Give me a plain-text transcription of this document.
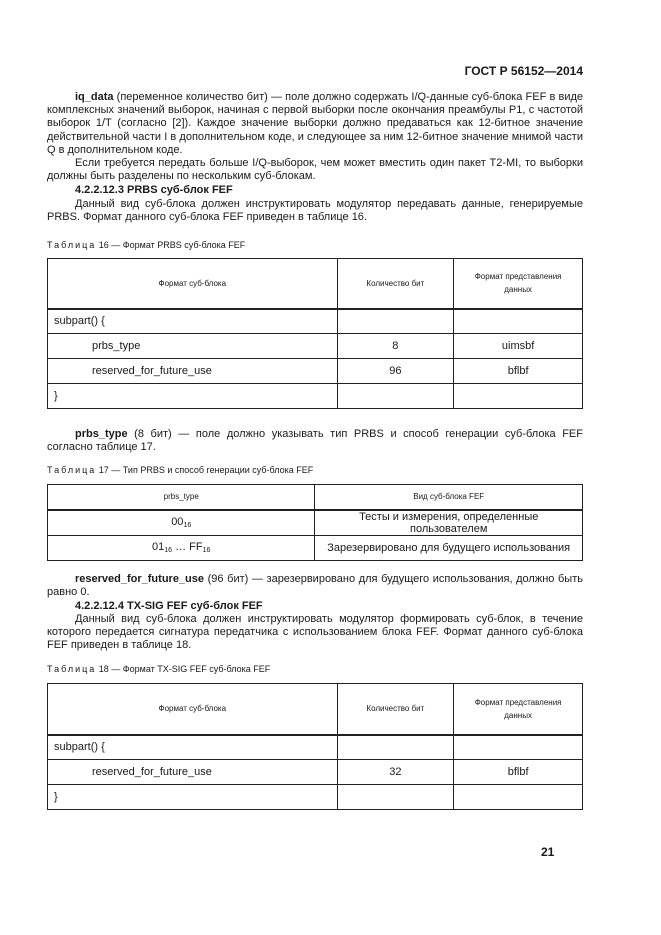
ГОСТ Р 56152—2014
iq_data (переменное количество бит) — поле должно содержать I/Q-данные суб-блока FEF в виде комплексных значений выборок, начиная с первой выборки после окончания преамбулы P1, с частотой выборок 1/T (согласно [2]). Каждое значение выборки должно предаваться как 12-битное значение действительной части I в дополнительном коде, и следующее за ним 12-битное значение мнимой части Q в дополнительном коде.
Если требуется передать больше I/Q-выборок, чем может вместить один пакет T2-MI, то выборки должны быть разделены по нескольким суб-блокам.
4.2.2.12.3 PRBS суб-блок FEF
Данный вид суб-блока должен инструктировать модулятор передавать данные, генерируемые PRBS. Формат данного суб-блока FEF приведен в таблице 16.
Таблица 16 — Формат PRBS суб-блока FEF
Формат суб-блока	Количество бит	Формат представления данных
subpart() {		
prbs_type	8	uimsbf
reserved_for_future_use	96	bflbf
}		
prbs_type (8 бит) — поле должно указывать тип PRBS и способ генерации суб-блока FEF согласно таблице 17.
Таблица 17 — Тип PRBS и способ генерации суб-блока FEF
prbs_type	Вид суб-блока FEF
$00_{16}$	Тесты и измерения, определенные пользователем
$01_{16}$ … $FF_{16}$	Зарезервировано для будущего использования
reserved_for_future_use (96 бит) — зарезервировано для будущего использования, должно быть равно 0.
4.2.2.12.4 TX-SIG FEF суб-блок FEF
Данный вид суб-блока должен инструктировать модулятор формировать суб-блок, в течение которого передается сигнатура передатчика с использованием блока FEF. Формат данного суб-блока FEF приведен в таблице 18.
Таблица 18 — Формат TX-SIG FEF суб-блока FEF
Формат суб-блока	Количество бит	Формат представления данных
subpart() {		
reserved_for_future_use	32	bflbf
}		
21
